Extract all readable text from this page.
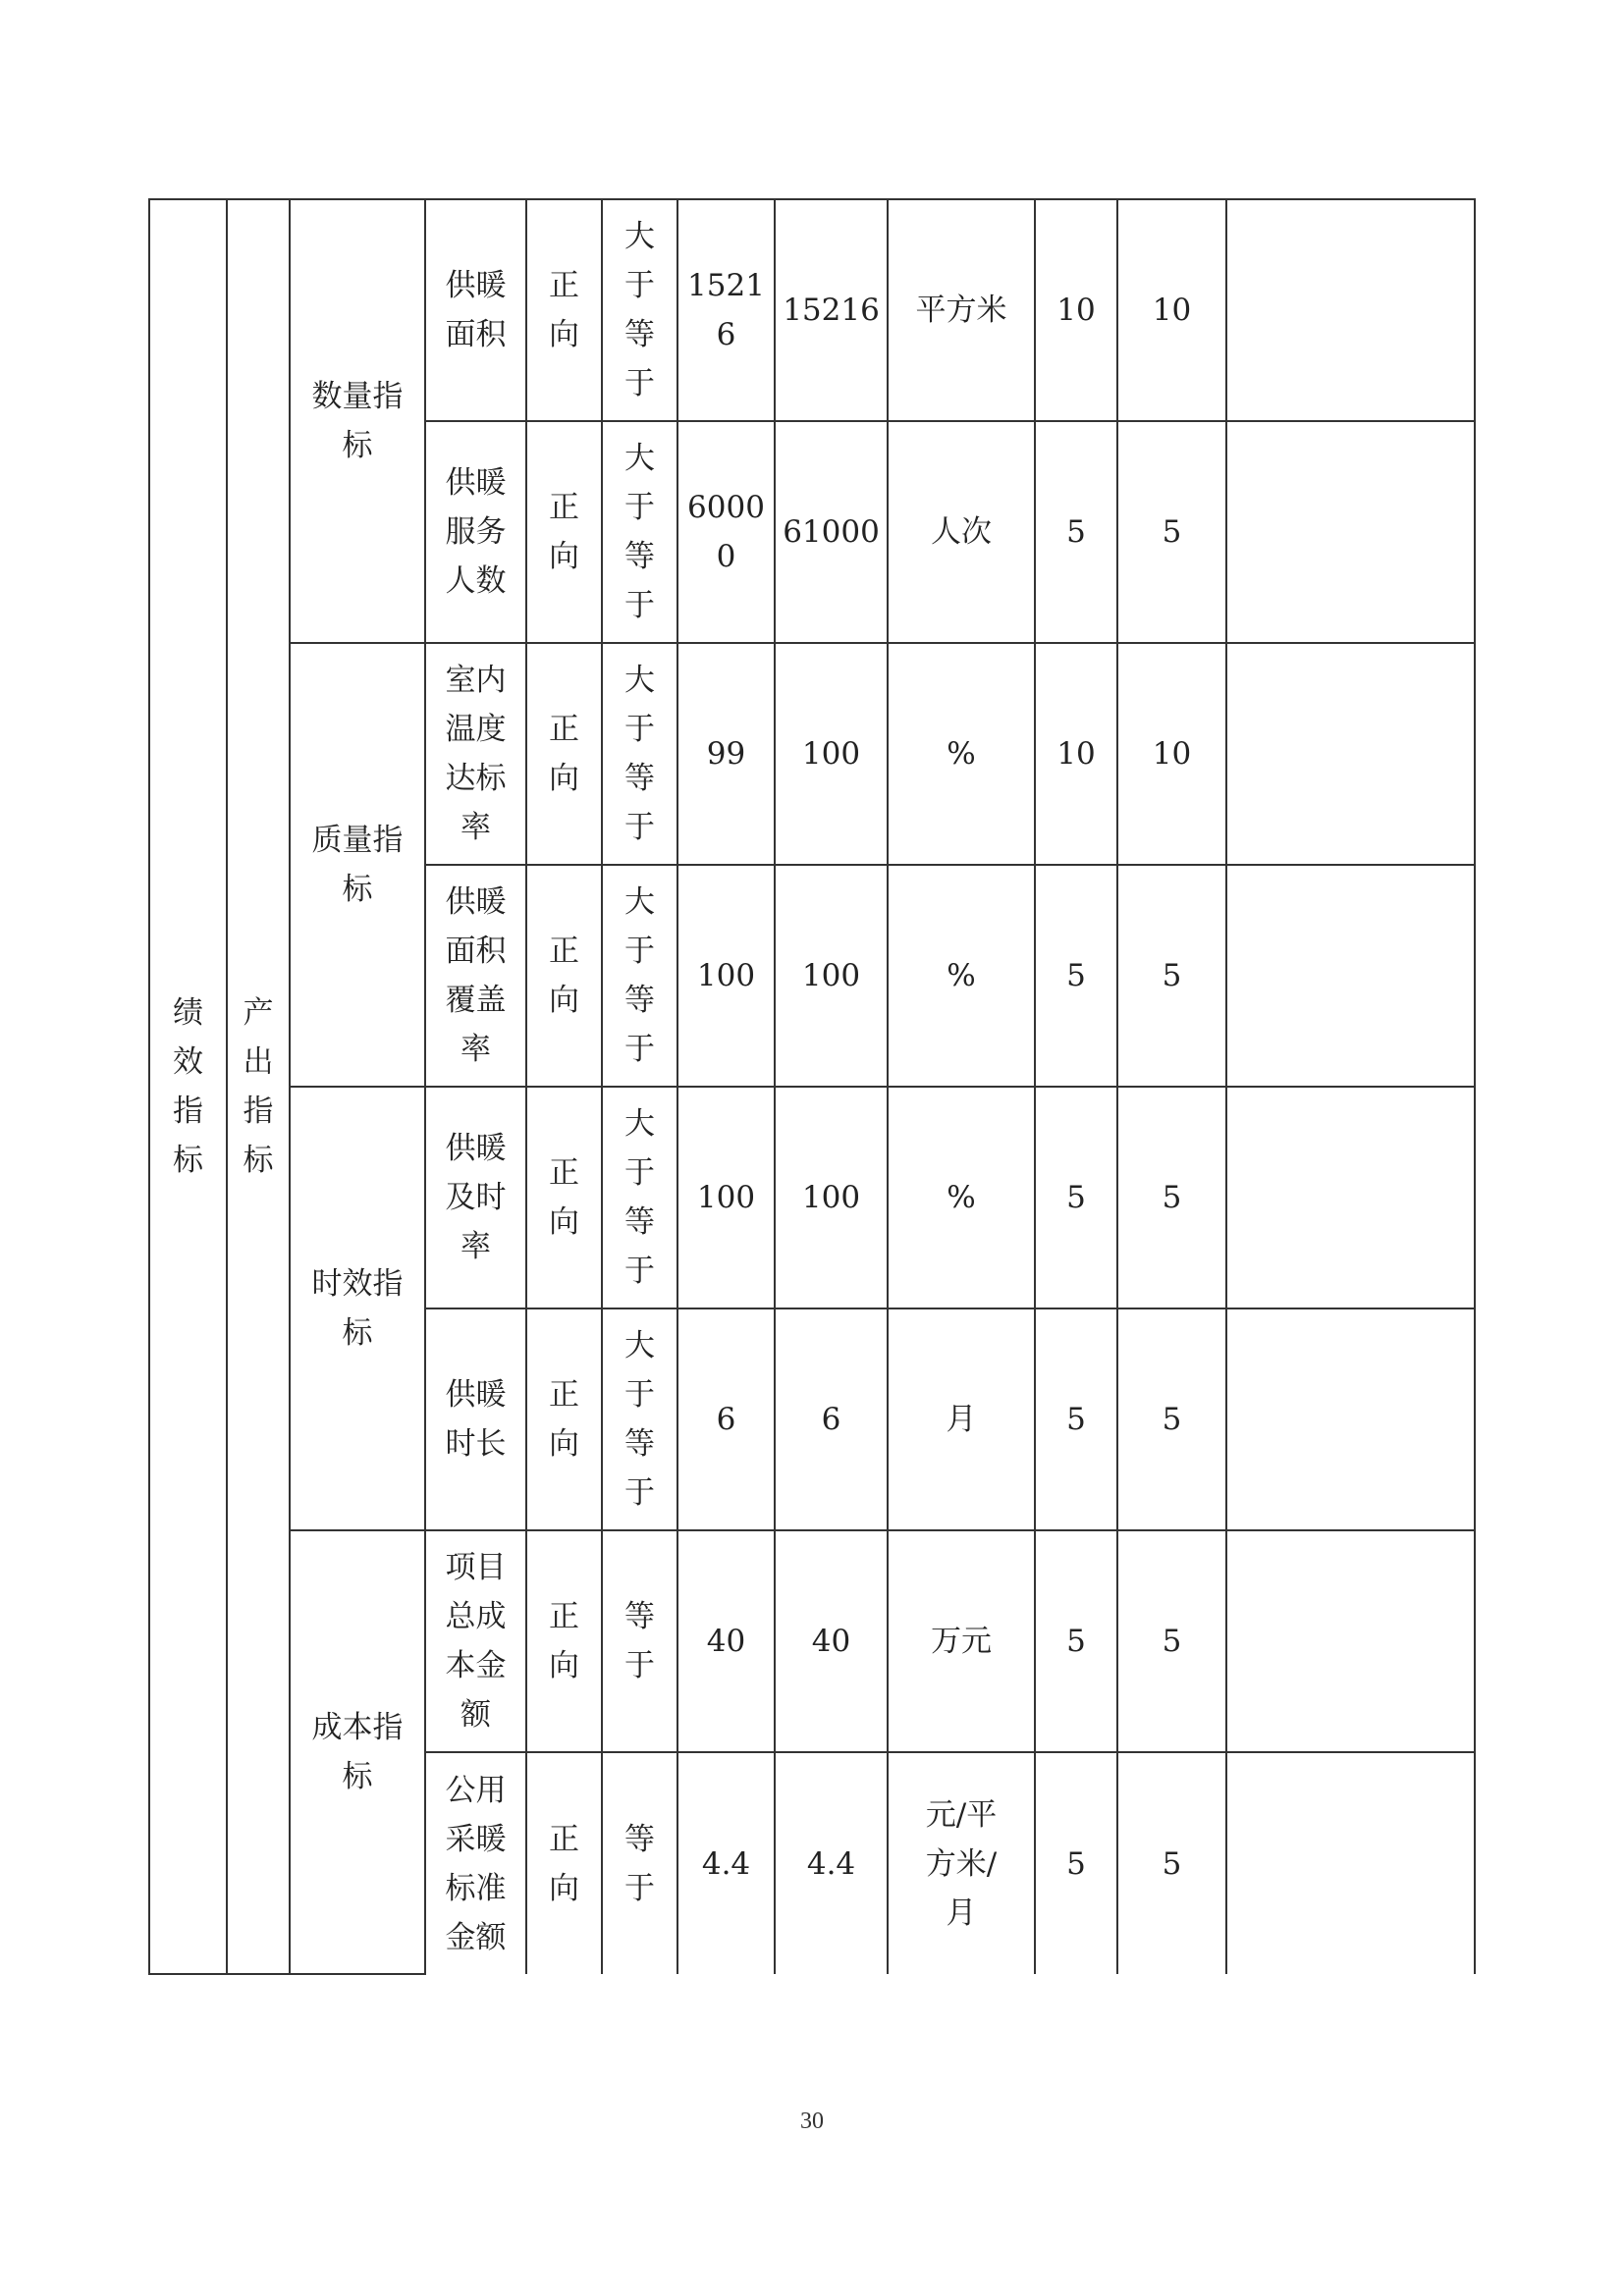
绩效指标	产出指标	数量指标	供暖面积	正向	大于等于	15216	15216	平方米	10	10	
			供暖服务人数	正向	大于等于	60000	61000	人次	5	5	
		质量指标	室内温度达标率	正向	大于等于	99	100	%	10	10	
			供暖面积覆盖率	正向	大于等于	100	100	%	5	5	
		时效指标	供暖及时率	正向	大于等于	100	100	%	5	5	
			供暖时长	正向	大于等于	6	6	月	5	5	
		成本指标	项目总成本金额	正向	等于	40	40	万元	5	5	
			公用采暖标准金额	正向	等于	4.4	4.4	元/平方米/月	5	5	
30
